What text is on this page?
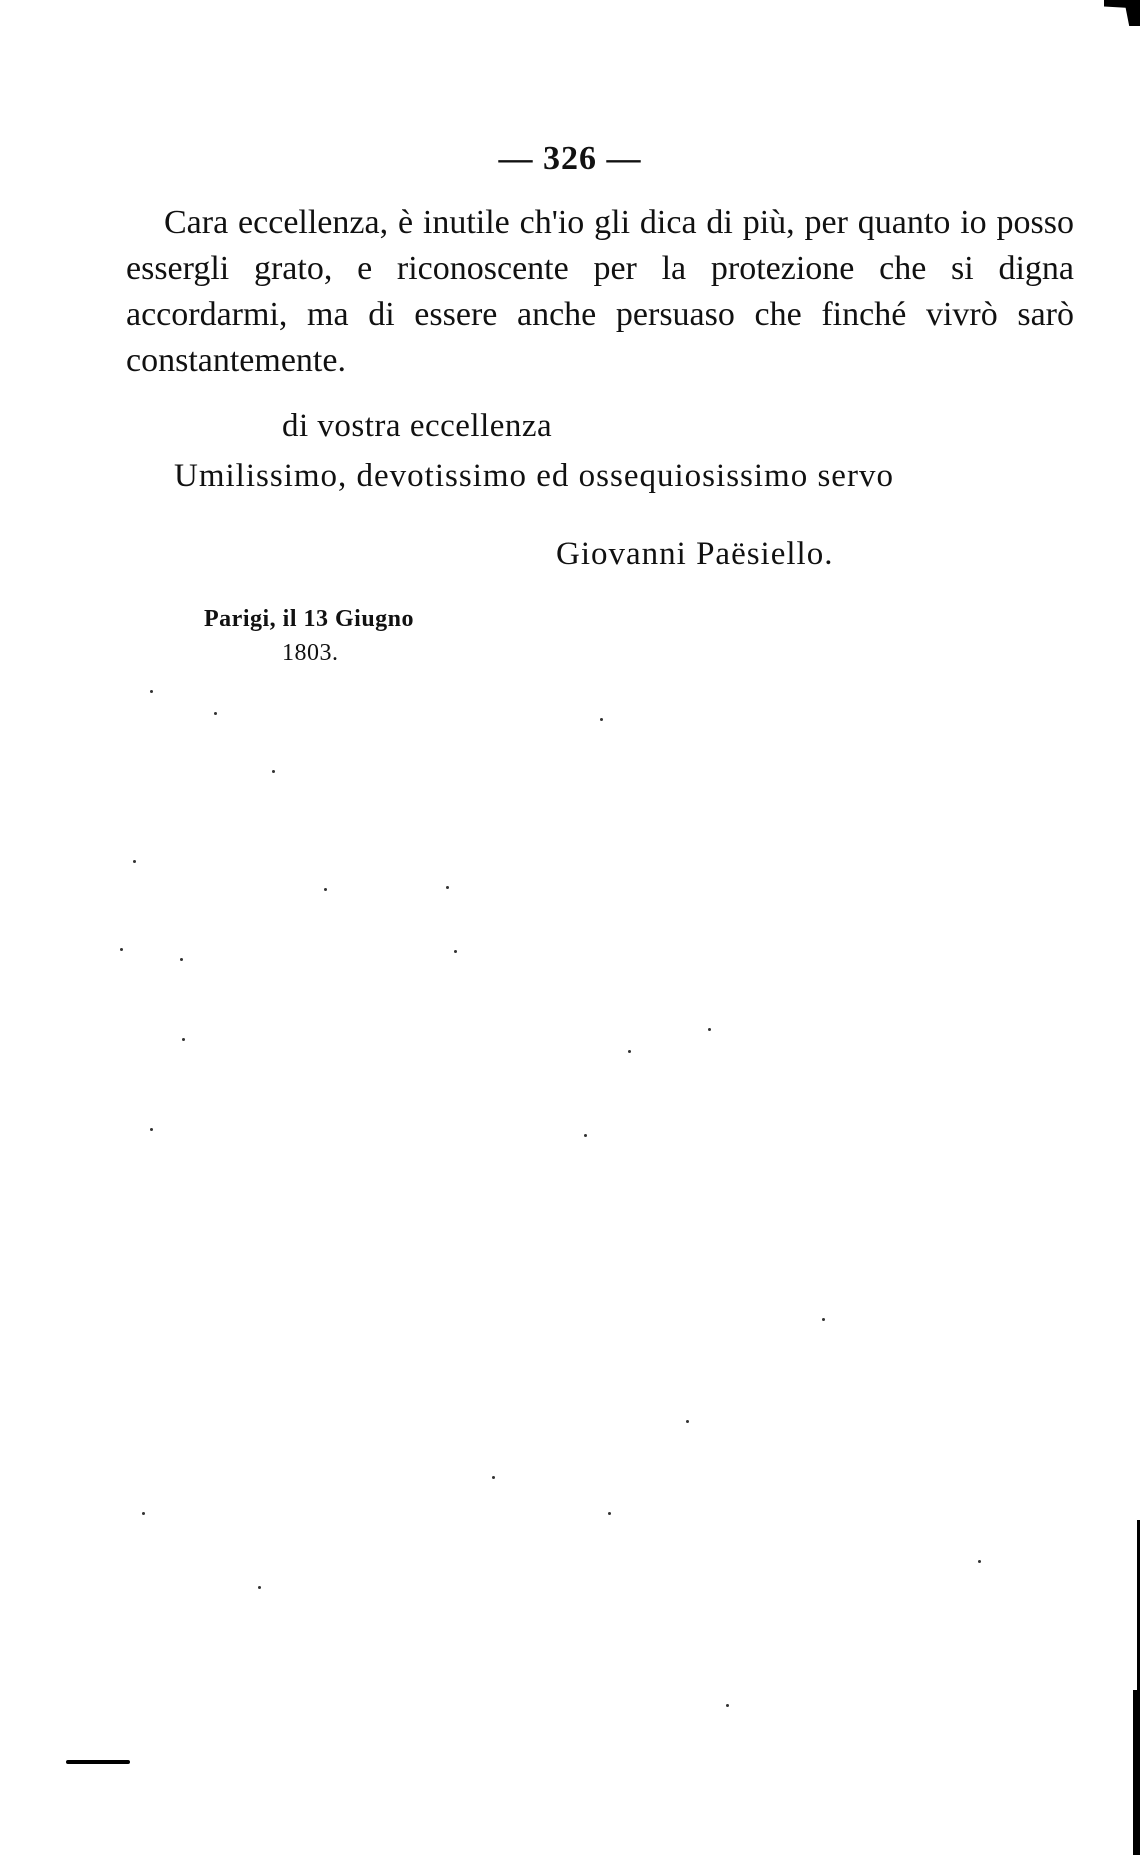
— 326 —
Cara eccellenza, è inutile ch'io gli dica di più, per quanto io posso essergli grato, e riconoscente per la protezione che si digna accordarmi, ma di essere anche persuaso che finché vivrò sarò constantemente.
di vostra eccellenza
Umilissimo, devotissimo ed ossequiosissimo servo
Giovanni Paësiello.
Parigi, il 13 Giugno
1803.
